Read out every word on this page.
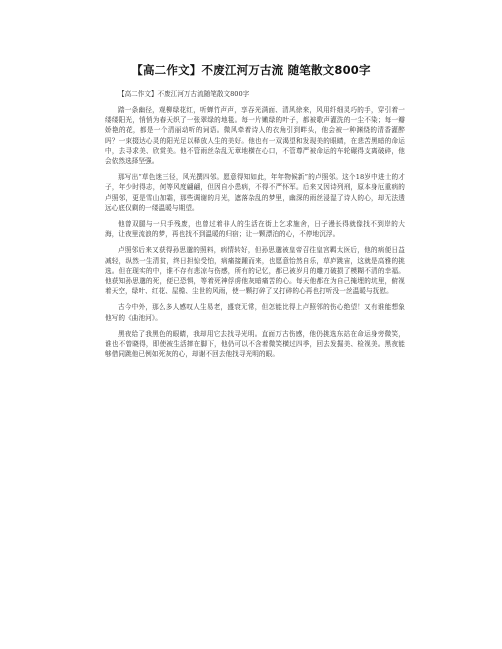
【高二作文】不废江河万古流 随笔散文800字

【高二作文】不废江河万古流随笔散文800字

踏一条幽径，观柳绿花红，听蝉竹声声，享吞光满面、清风徐来，风用纤细灵巧的手，穿引着一缕缕阳光，悄悄为春天织了一张翠绿的地毯。每一片嫩绿的叶子，都被歌声灌洗的一尘不染；每一瓣娇艳的花，都是一个清丽动听的词语。微风牵着诗人的衣角引到畔头，他会被一种渊绕的清香灌醉吗？一束掇达心灵的阳光足以释放人生的美好。他也有一双渴望和发现美的眼睛，在悲苦黑暗的命运中，去寻求美、欣赏美。他不管雨丝杂乱无章地横在心口，不管尊严被命运的车轮碾得支离破碎，他会依然选择坚强。

那写出“草色迷三径，风光撰四邻。愿意得知如此，年年物候新”的卢照邻。这个18岁中进士的才子，年少时得志，何等风度翩翩，但因自小患病，不得不严怀军。后来又因诗列刑，原本身厄重病的卢照邻，更是雪山加霜，那些调谢的月光，遮落杂乱的梦里，幽深的雨丝浸湿了诗人的心，却无法透远心底仅剩的一缕温暖与期望。

他曾双腿与一只手残废，也曾过着非人的生活在街上乞求施舍，日子漫长得就像找不到岸的大海，让夜里流浪的梦，再也找不到温暖的归宿；让一颗漂泊的心，不停地沉浮。

卢照邻后来又获得孙思邈的照料，病情转好，但孙思邈被皇帝召往皇宫羁太医后，他的病便日益减轻，纵然一生清贫，终日担惊受怕，病痛接踵而来，也愿意怡然自乐，草庐跳宙，这就是高雅的挑选。但在现实的中，谁不存有悲凉与伤感，所有的记忆，都已被岁月的雕刀破损了模糊不清的幸福。他获知孙思邈的死，便已恐惧，等着死神俘虏他灰暗痛苦的心。每天他都在为自己掩埋的坑里，俯视着天空，绿叶、红花、屋檐、尘世的风雨，使一颗打碎了又打碎的心再也打听没一丝温暖与抚慰。

古今中外，那么多人感叹人生易老，盛衰无常，但怎能比得上卢照邻的伤心绝望！又有谁能想象他写的《曲池河》。

黑夜给了我黑色的眼睛，我却用它去找寻光明。直面万古伤感，他仍挑选东站在命运身旁微笑，谁也不曾晓得，即使被生活摔在脚下，他仍可以不含着微笑横过四季，回去发掘美、检视美。黑夜能够借同跳他已例如死灰的心，却谢不回去他找寻光明的眼。
